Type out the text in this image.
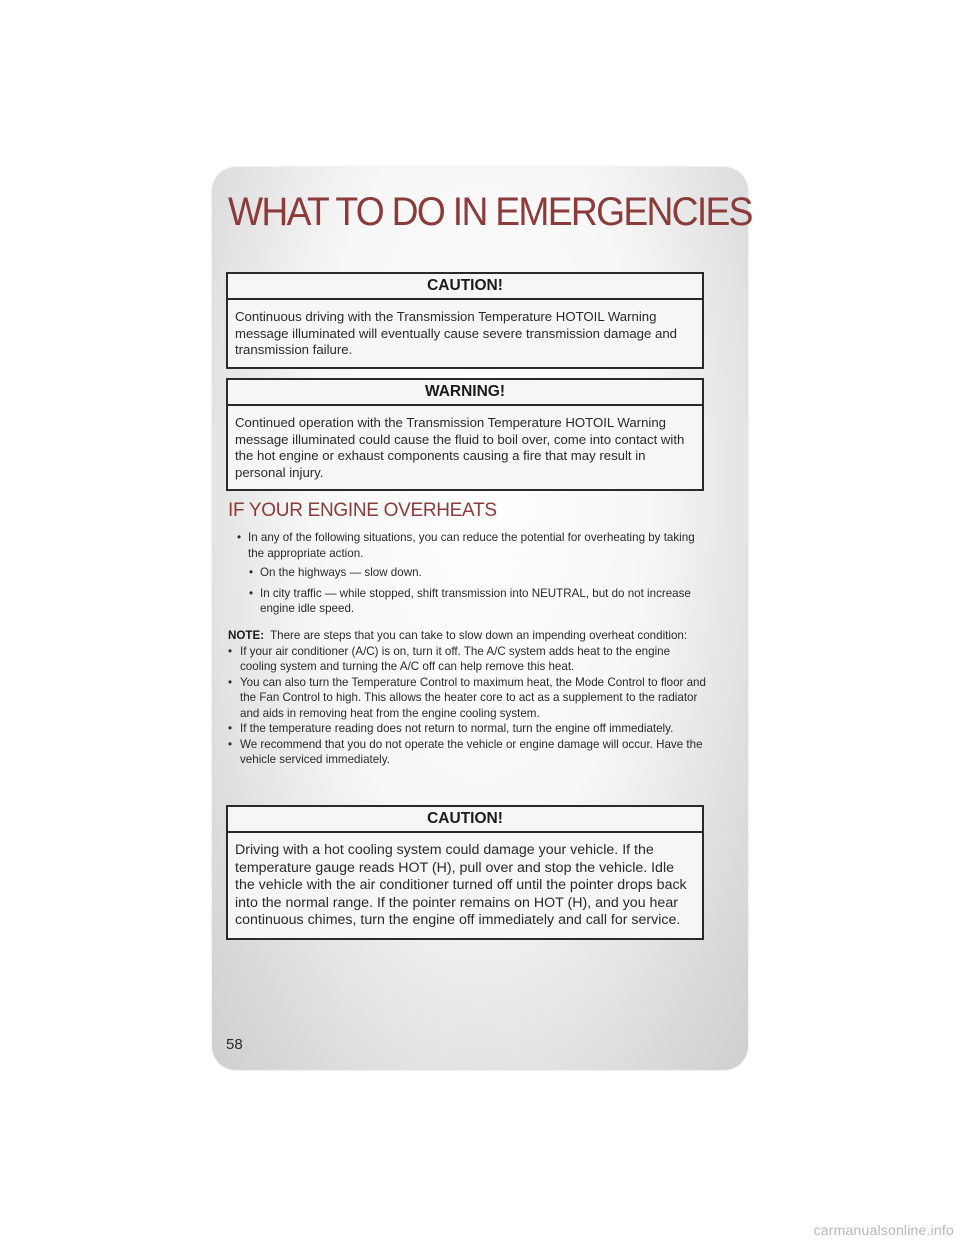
WHAT TO DO IN EMERGENCIES
CAUTION!
Continuous driving with the Transmission Temperature HOTOIL Warning message illuminated will eventually cause severe transmission damage and transmission failure.
WARNING!
Continued operation with the Transmission Temperature HOTOIL Warning message illuminated could cause the fluid to boil over, come into contact with the hot engine or exhaust components causing a fire that may result in personal injury.
IF YOUR ENGINE OVERHEATS
• In any of the following situations, you can reduce the potential for overheating by taking the appropriate action.
• On the highways — slow down.
• In city traffic — while stopped, shift transmission into NEUTRAL, but do not increase engine idle speed.
NOTE: There are steps that you can take to slow down an impending overheat condition:
• If your air conditioner (A/C) is on, turn it off. The A/C system adds heat to the engine cooling system and turning the A/C off can help remove this heat.
• You can also turn the Temperature Control to maximum heat, the Mode Control to floor and the Fan Control to high. This allows the heater core to act as a supplement to the radiator and aids in removing heat from the engine cooling system.
• If the temperature reading does not return to normal, turn the engine off immediately.
• We recommend that you do not operate the vehicle or engine damage will occur. Have the vehicle serviced immediately.
CAUTION!
Driving with a hot cooling system could damage your vehicle. If the temperature gauge reads HOT (H), pull over and stop the vehicle. Idle the vehicle with the air conditioner turned off until the pointer drops back into the normal range. If the pointer remains on HOT (H), and you hear continuous chimes, turn the engine off immediately and call for service.
58
carmanualsonline.info
